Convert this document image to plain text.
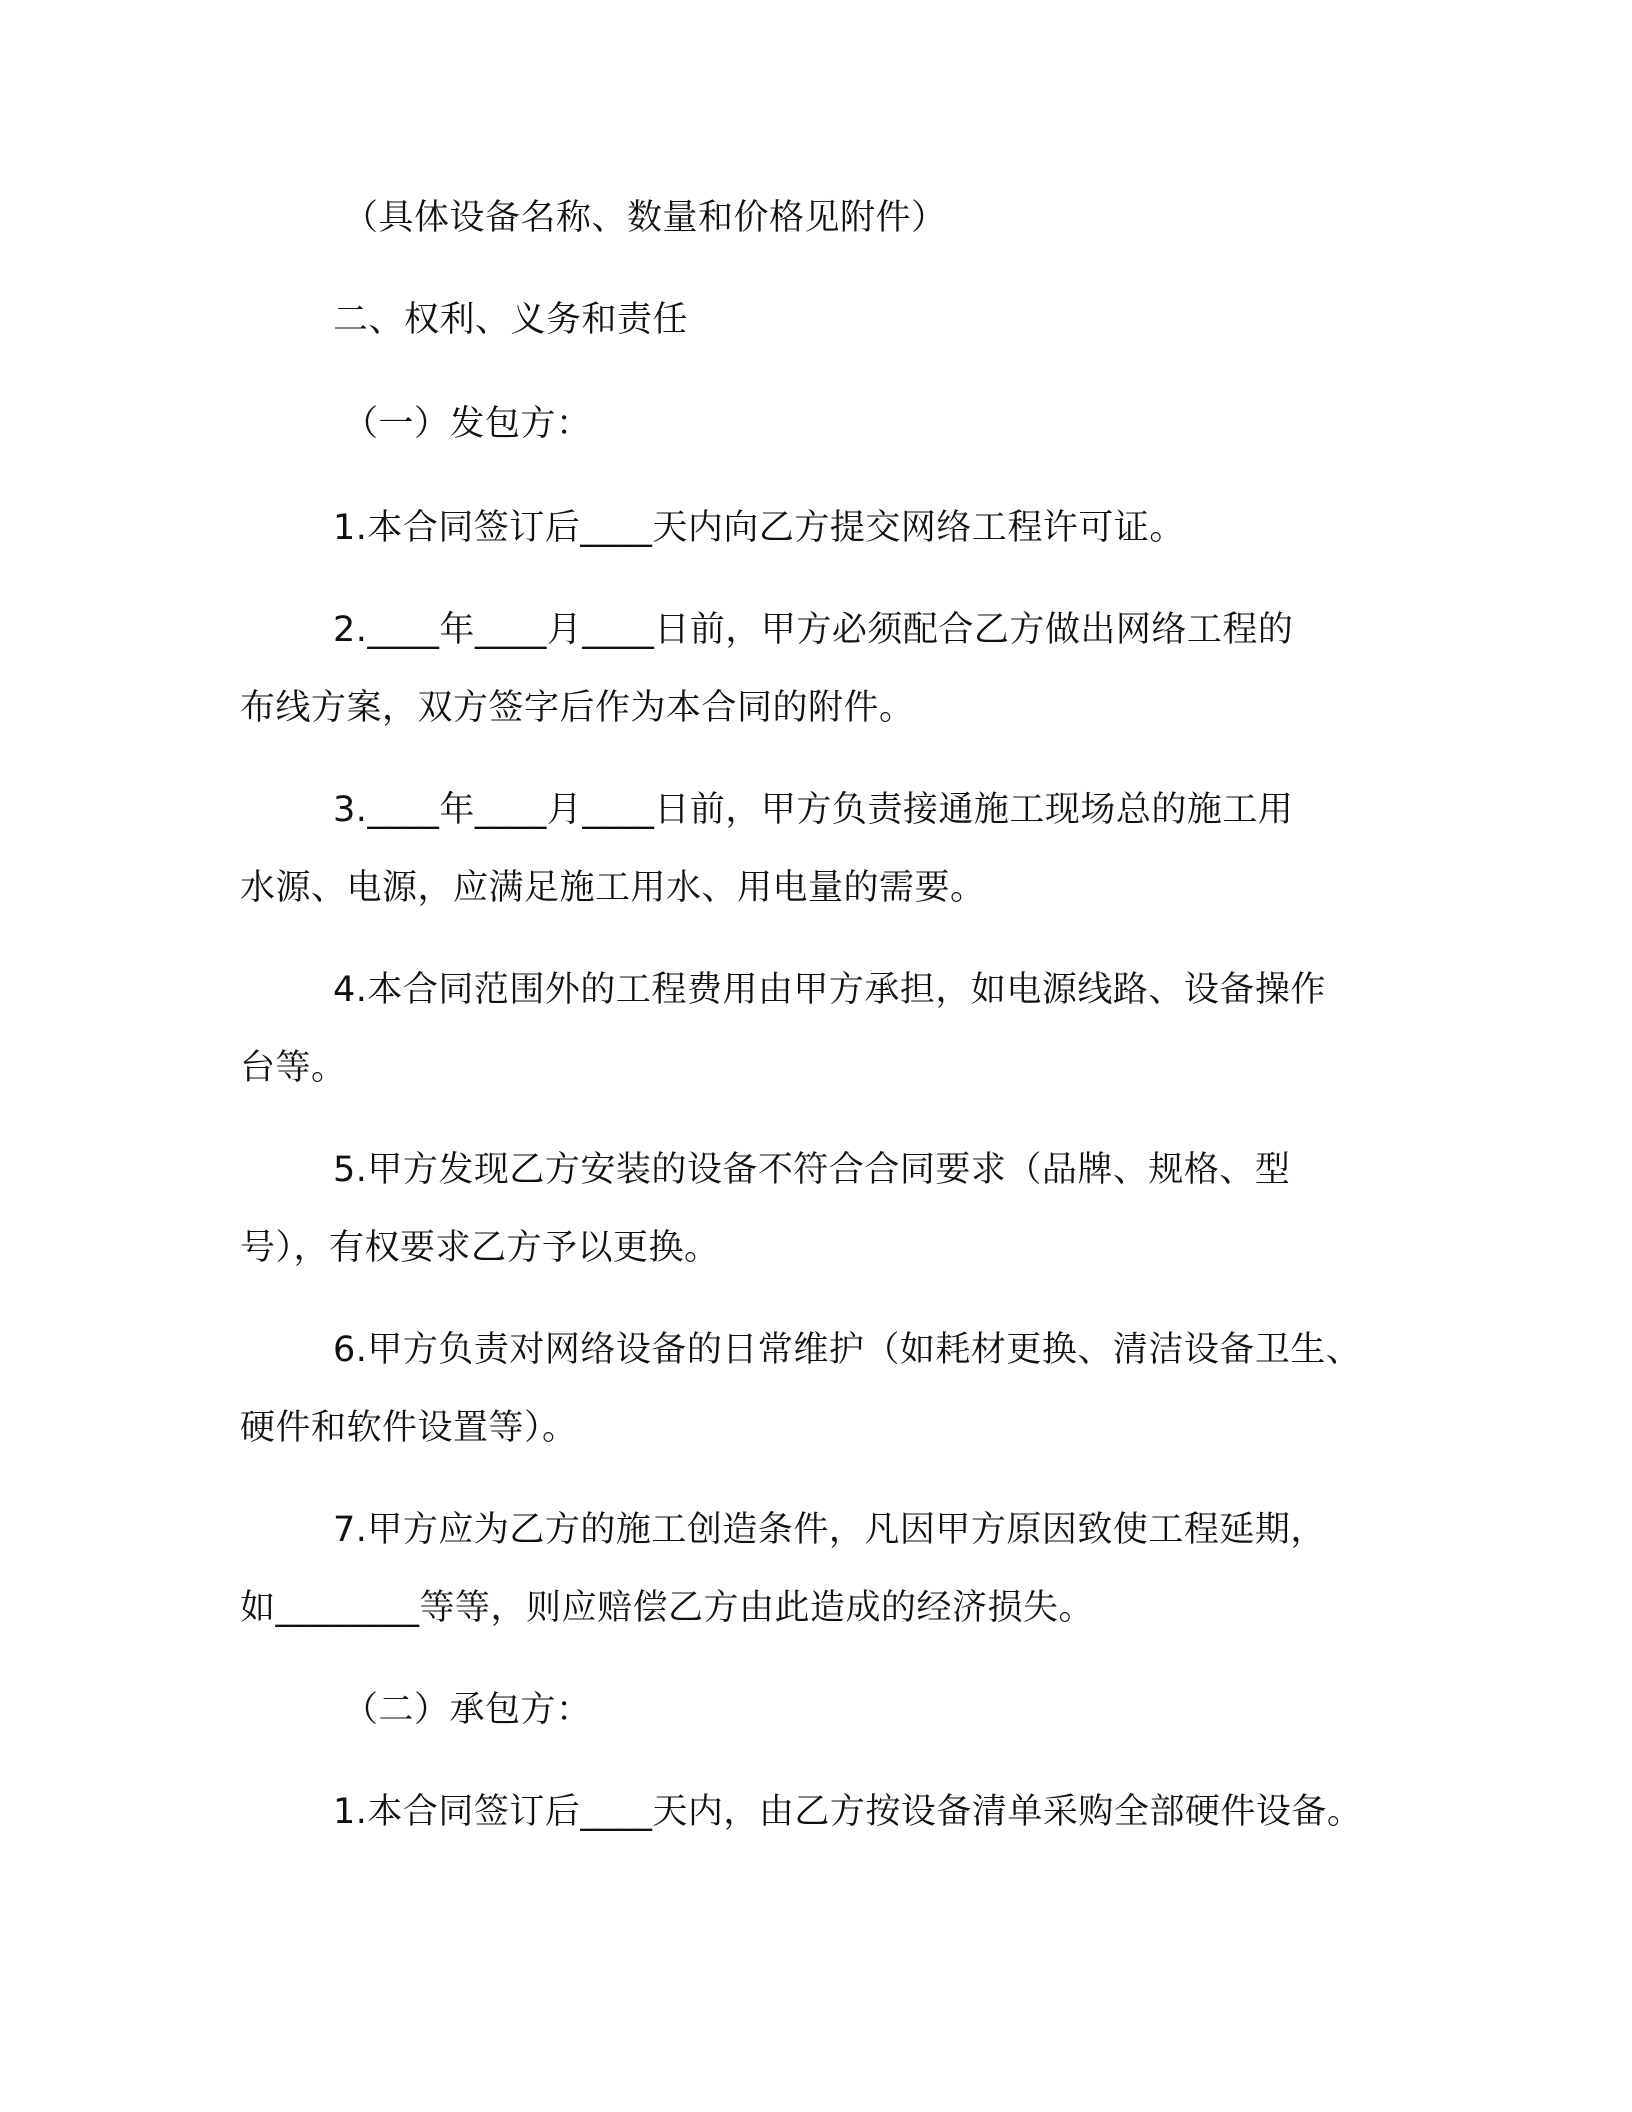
（具体设备名称、数量和价格见附件）
二、权利、义务和责任
（一）发包方：
1.本合同签订后____天内向乙方提交网络工程许可证。
2.____年____月____日前，甲方必须配合乙方做出网络工程的
布线方案，双方签字后作为本合同的附件。
3.____年____月____日前，甲方负责接通施工现场总的施工用
水源、电源，应满足施工用水、用电量的需要。
4.本合同范围外的工程费用由甲方承担，如电源线路、设备操作
台等。
5.甲方发现乙方安装的设备不符合合同要求（品牌、规格、型
号），有权要求乙方予以更换。
6.甲方负责对网络设备的日常维护（如耗材更换、清洁设备卫生、
硬件和软件设置等）。
7.甲方应为乙方的施工创造条件，凡因甲方原因致使工程延期，
如________等等，则应赔偿乙方由此造成的经济损失。
（二）承包方：
1.本合同签订后____天内，由乙方按设备清单采购全部硬件设备。
